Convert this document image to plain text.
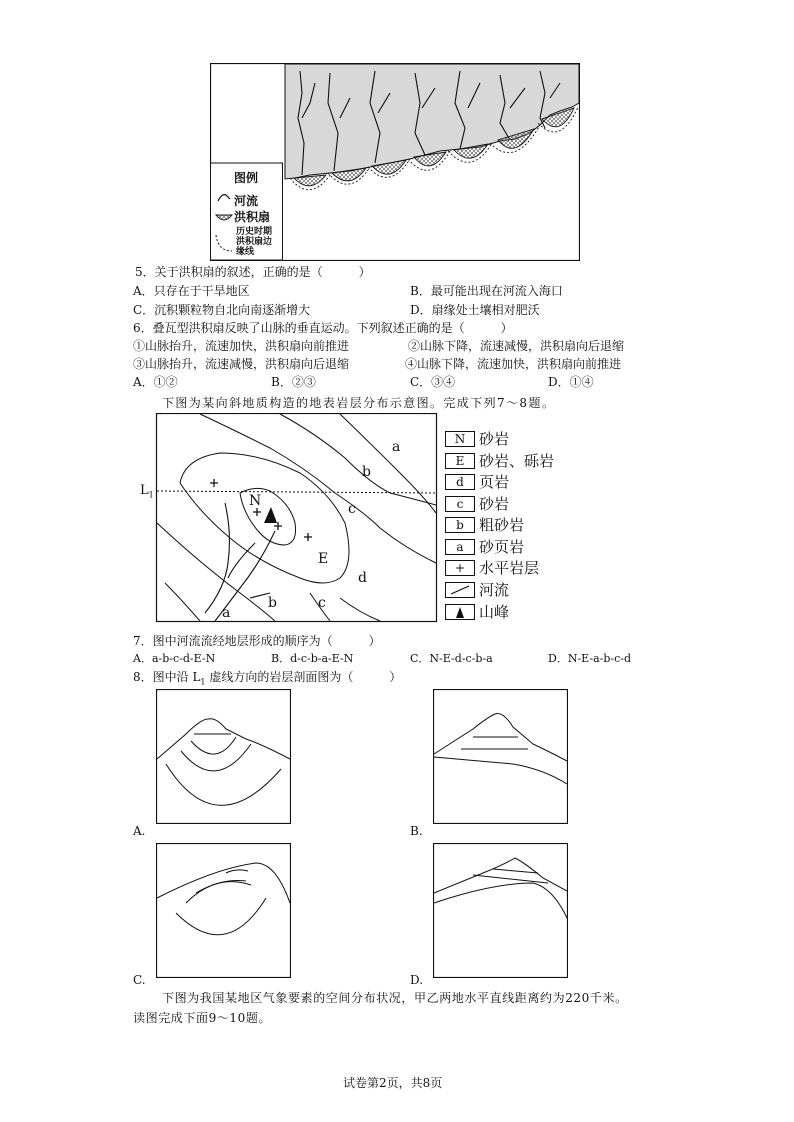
图例
河流
洪积扇
历史时期
洪积扇边
缘线
5．关于洪积扇的叙述，正确的是（　　　）
A．只存在于干旱地区	B．最可能出现在河流入海口
C．沉积颗粒物自北向南逐渐增大	D．扇缘处土壤相对肥沃
6．叠瓦型洪积扇反映了山脉的垂直运动。下列叙述正确的是（　　　）
①山脉抬升，流速加快，洪积扇向前推进	②山脉下降，流速减慢，洪积扇向后退缩
③山脉抬升，流速减慢，洪积扇向后退缩	④山脉下降，流速加快，洪积扇向前推进
A．①②	B．②③	C．③④	D．①④
下图为某向斜地质构造的地表岩层分布示意图。完成下列7～8题。
$L_1$
a
b
c
d
N
E
a
b	c
N 砂岩
E 砂岩、砾岩
d	页岩
c	砂岩
b	粗砂岩
a	砂页岩
+ 水平岩层
河流
山峰
7．图中河流流经地层形成的顺序为（　　　）
A．a-b-c-d-E-N	B．d-c-b-a-E-N	C．N-E-d-c-b-a	D．N-E-a-b-c-d
8．图中沿 $L_1$ 虚线方向的岩层剖面图为（　　　）
A.	B.
C.	D.
下图为我国某地区气象要素的空间分布状况，甲乙两地水平直线距离约为220千米。
读图完成下面9～10题。
试卷第2页，共8页
